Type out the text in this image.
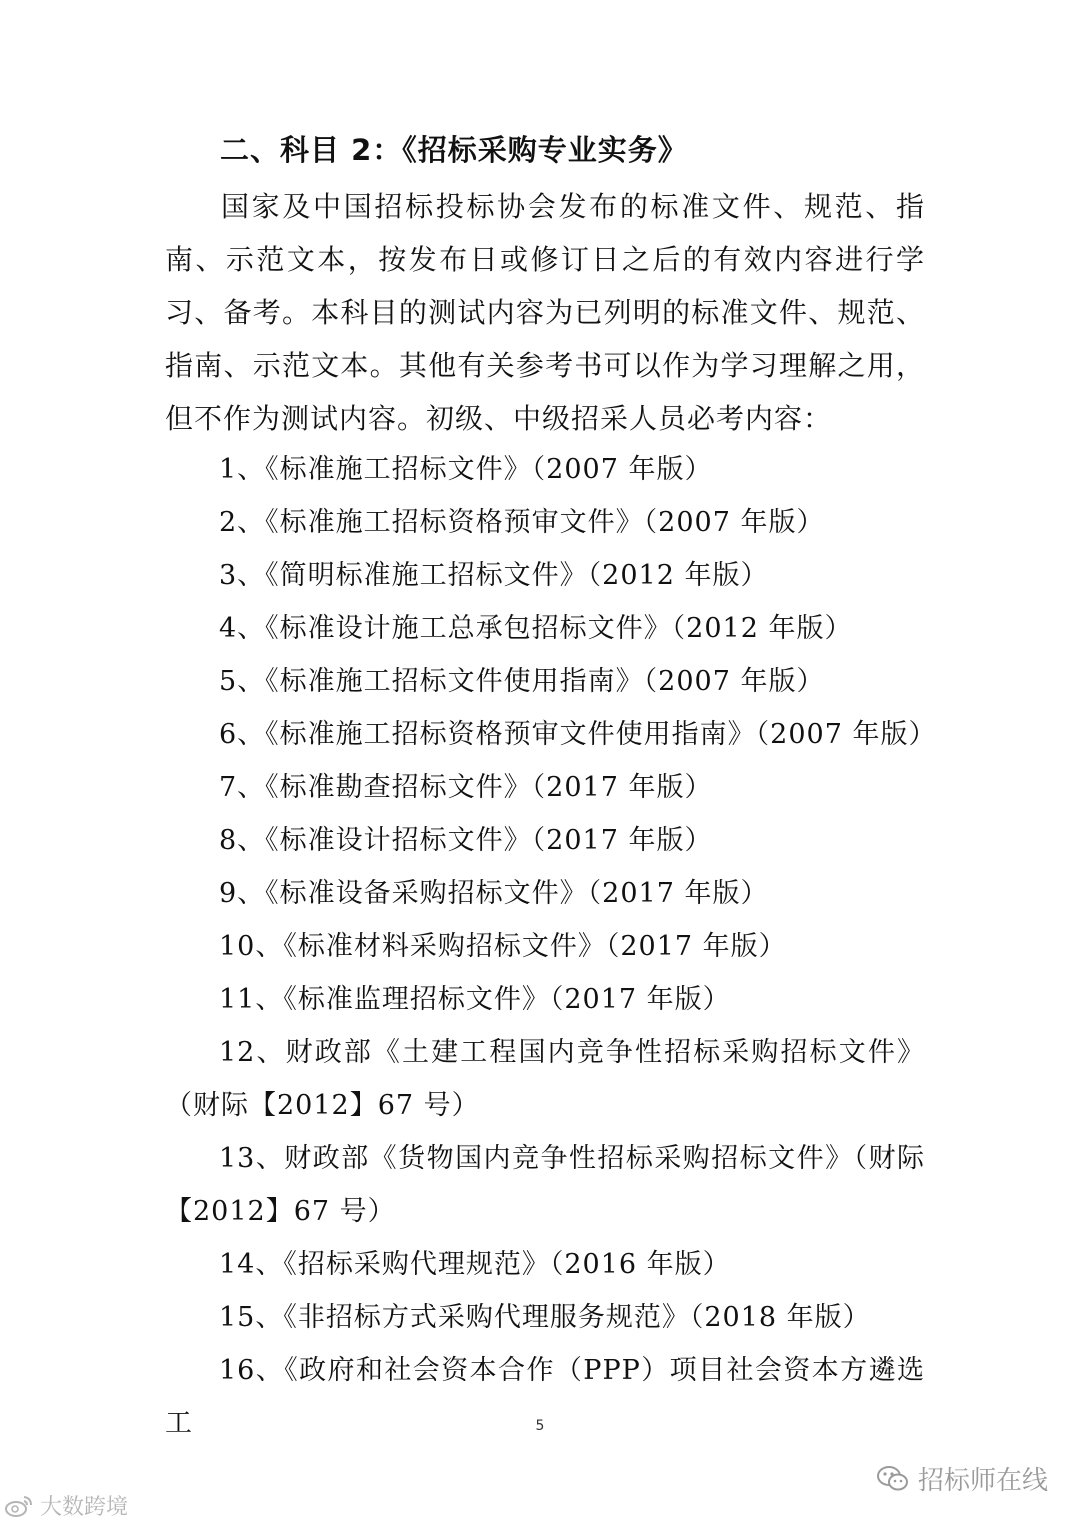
二、科目 2：《招标采购专业实务》

国家及中国招标投标协会发布的标准文件、规范、指南、示范文本，按发布日或修订日之后的有效内容进行学习、备考。本科目的测试内容为已列明的标准文件、规范、指南、示范文本。其他有关参考书可以作为学习理解之用，但不作为测试内容。初级、中级招采人员必考内容：

1、《标准施工招标文件》（2007 年版）
2、《标准施工招标资格预审文件》（2007 年版）
3、《简明标准施工招标文件》（2012 年版）
4、《标准设计施工总承包招标文件》（2012 年版）
5、《标准施工招标文件使用指南》（2007 年版）
6、《标准施工招标资格预审文件使用指南》（2007 年版）
7、《标准勘查招标文件》（2017 年版）
8、《标准设计招标文件》（2017 年版）
9、《标准设备采购招标文件》（2017 年版）
10、《标准材料采购招标文件》（2017 年版）
11、《标准监理招标文件》（2017 年版）
12、财政部《土建工程国内竞争性招标采购招标文件》（财际【2012】67 号）
13、财政部《货物国内竞争性招标采购招标文件》（财际【2012】67 号）
14、《招标采购代理规范》（2016 年版）
15、《非招标方式采购代理服务规范》（2018 年版）
16、《政府和社会资本合作（PPP）项目社会资本方遴选工	5
招标师在线
大数跨境
